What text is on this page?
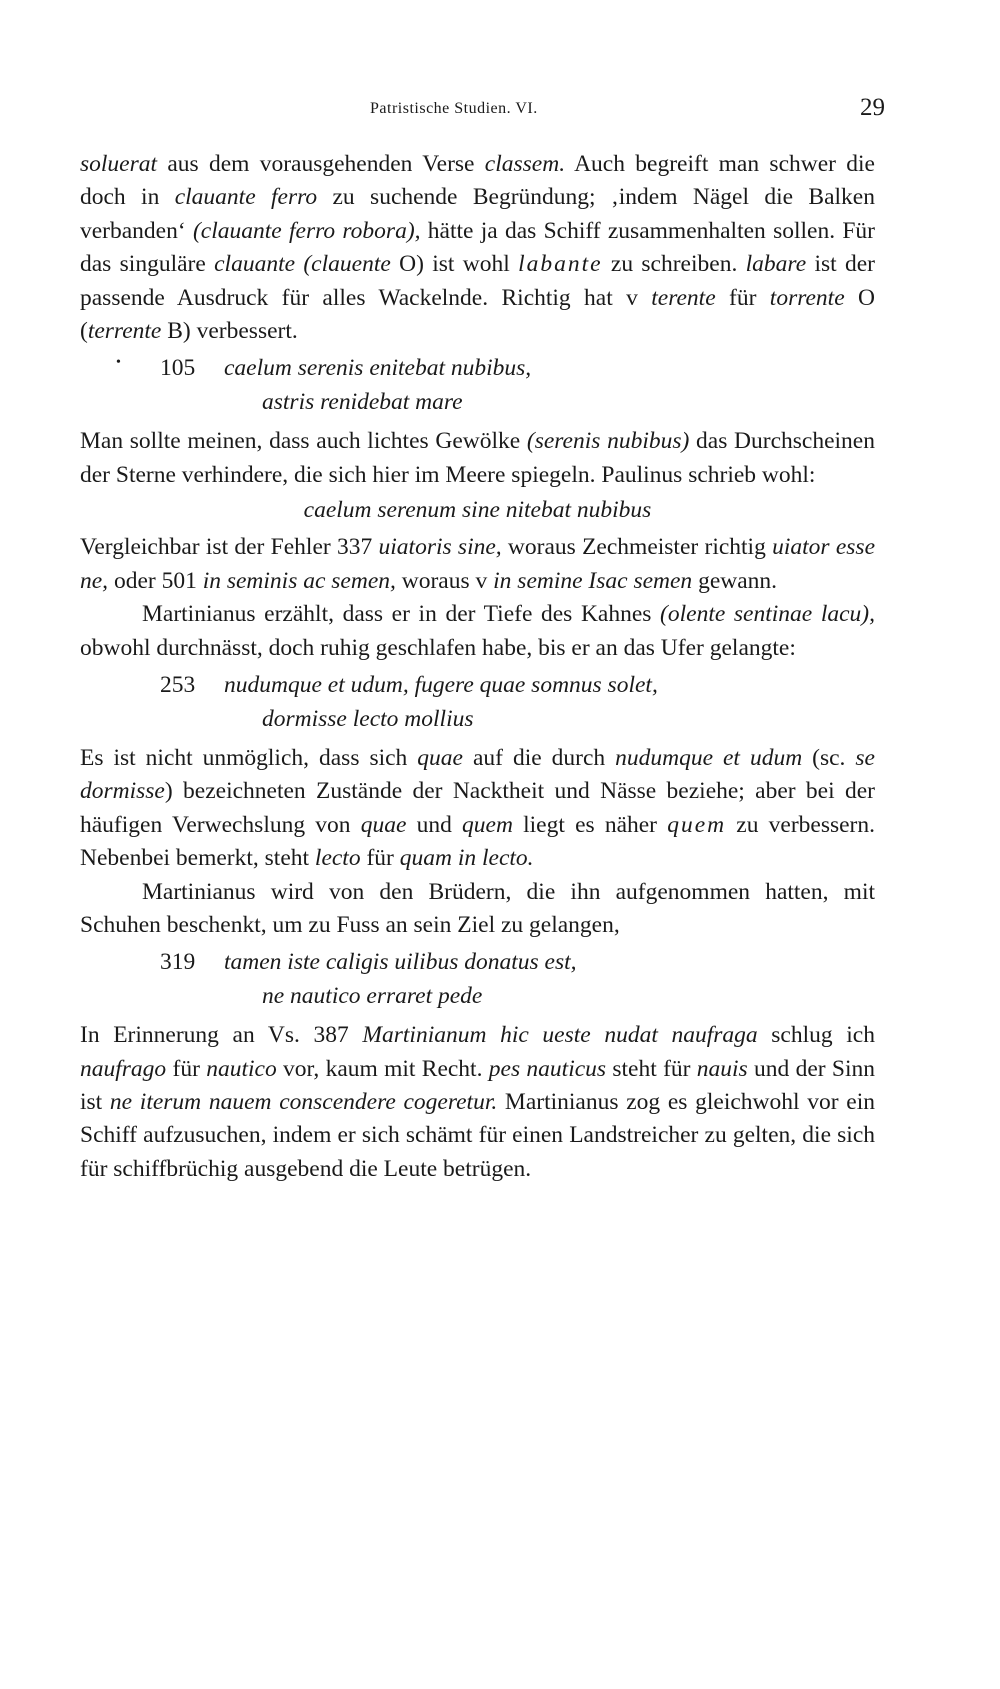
Patristische Studien. VI.	29
•

soluerat aus dem vorausgehenden Verse classem. Auch begreift man schwer die doch in clauante ferro zu suchende Begründung; ‚indem Nägel die Balken verbanden‘ (clauante ferro robora), hätte ja das Schiff zusammenhalten sollen. Für das singuläre clauante (clauente O) ist wohl labante zu schreiben. labare ist der passende Ausdruck für alles Wackelnde. Richtig hat v terente für torrente O (terrente B) verbessert.

105 caelum serenis enitebat nubibus,
astris renidebat mare

Man sollte meinen, dass auch lichtes Gewölke (serenis nubibus) das Durchscheinen der Sterne verhindere, die sich hier im Meere spiegeln. Paulinus schrieb wohl:

caelum serenum sine nitebat nubibus

Vergleichbar ist der Fehler 337 uiatoris sine, woraus Zechmeister richtig uiator esse ne, oder 501 in seminis ac semen, woraus v in semine Isac semen gewann.

Martinianus erzählt, dass er in der Tiefe des Kahnes (olente sentinae lacu), obwohl durchnässt, doch ruhig geschlafen habe, bis er an das Ufer gelangte:

253 nudumque et udum, fugere quae somnus solet,
dormisse lecto mollius

Es ist nicht unmöglich, dass sich quae auf die durch nudumque et udum (sc. se dormisse) bezeichneten Zustände der Nacktheit und Nässe beziehe; aber bei der häufigen Verwechslung von quae und quem liegt es näher quem zu verbessern. Nebenbei bemerkt, steht lecto für quam in lecto.

Martinianus wird von den Brüdern, die ihn aufgenommen hatten, mit Schuhen beschenkt, um zu Fuss an sein Ziel zu gelangen,

319 tamen iste caligis uilibus donatus est,
ne nautico erraret pede

In Erinnerung an Vs. 387 Martinianum hic ueste nudat naufraga schlug ich naufrago für nautico vor, kaum mit Recht. pes nauticus steht für nauis und der Sinn ist ne iterum nauem conscendere cogeretur. Martinianus zog es gleichwohl vor ein Schiff aufzusuchen, indem er sich schämt für einen Landstreicher zu gelten, die sich für schiffbrüchig ausgebend die Leute betrügen.
